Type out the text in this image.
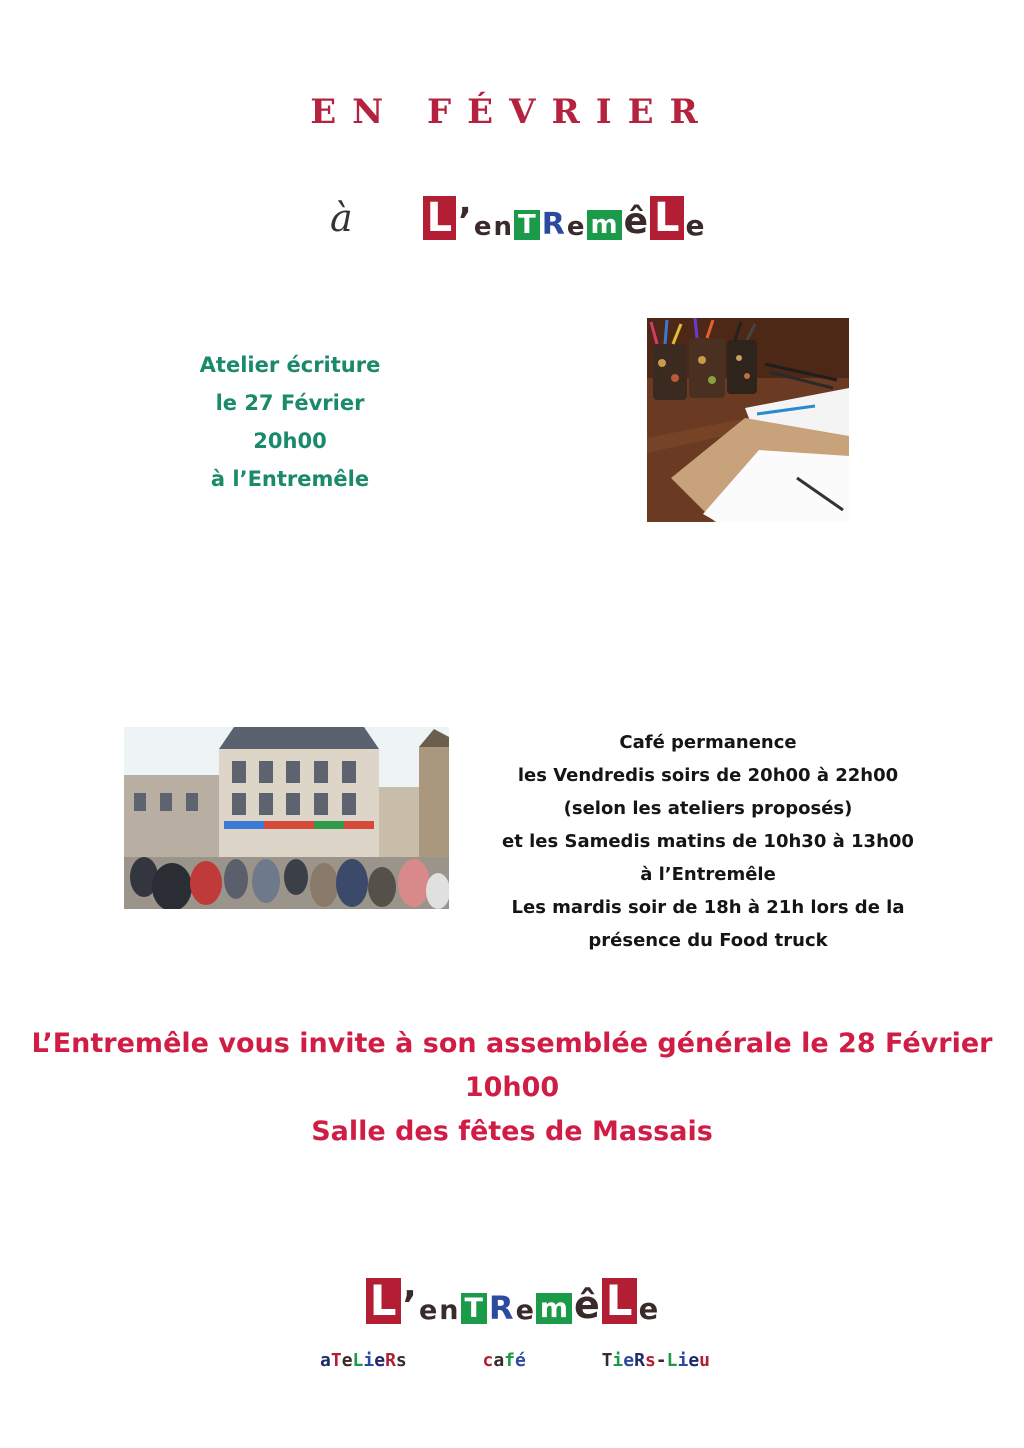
EN FÉVRIER
à L ’ e n T R e m ê L e
Atelier écriture
le 27 Février
20h00
à l’Entremêle
Café permanence
les Vendredis soirs de 20h00 à 22h00
(selon les ateliers proposés)
et les Samedis matins de 10h30 à 13h00
à l’Entremêle
Les mardis soir de 18h à 21h lors de la
présence du Food truck
L’Entremêle vous invite à son assemblée générale le 28 Février
10h00
Salle des fêtes de Massais
L ’ e n T R e m ê L e
aTeLieRs	café	TieRs-Lieu
